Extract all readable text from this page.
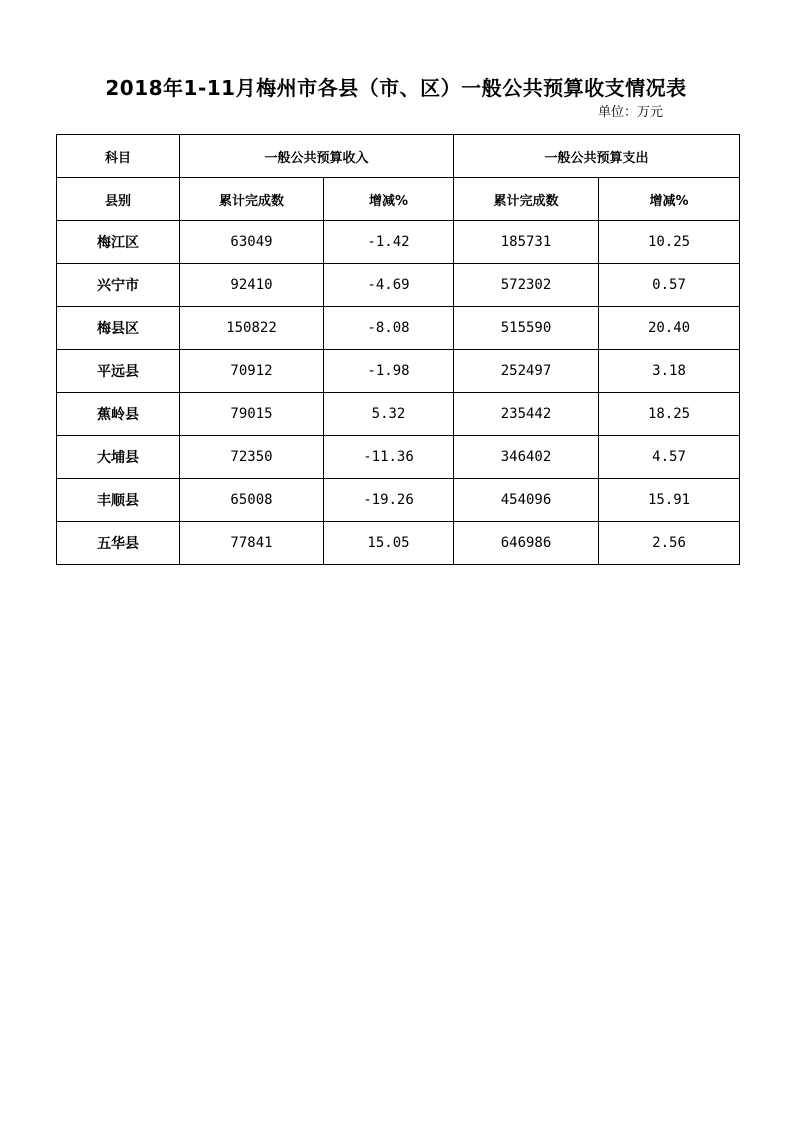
2018年1-11月梅州市各县（市、区）一般公共预算收支情况表
单位：万元
科目	一般公共预算收入		一般公共预算支出	
县别	累计完成数	增减%	累计完成数	增减%
梅江区	63049	-1.42	185731	10.25
兴宁市	92410	-4.69	572302	0.57
梅县区	150822	-8.08	515590	20.40
平远县	70912	-1.98	252497	3.18
蕉岭县	79015	5.32	235442	18.25
大埔县	72350	-11.36	346402	4.57
丰顺县	65008	-19.26	454096	15.91
五华县	77841	15.05	646986	2.56
